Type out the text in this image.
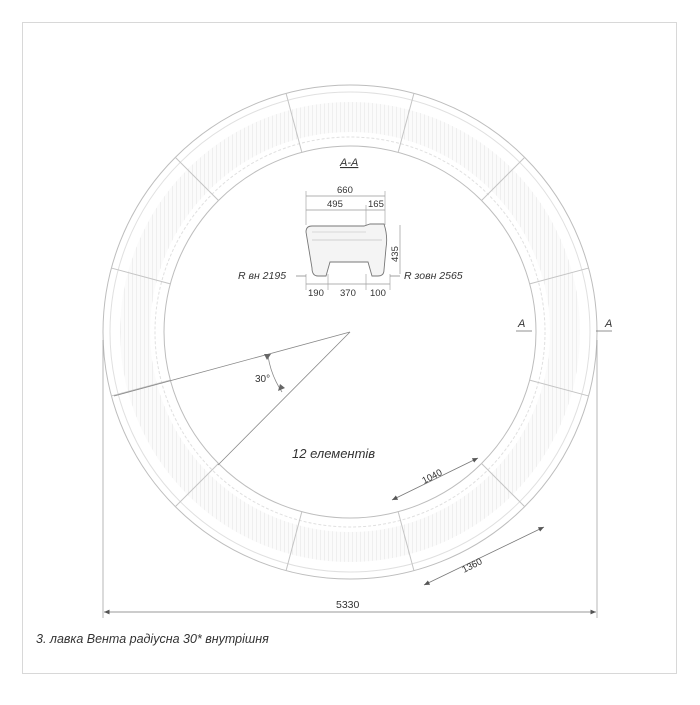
30°
A-A
660
495	165
435
190 370 100
R вн 2195	R зовн 2565
A	A
12 елементів
1040
1360
5330
3. лавка Вента радіусна 30* внутрішня
